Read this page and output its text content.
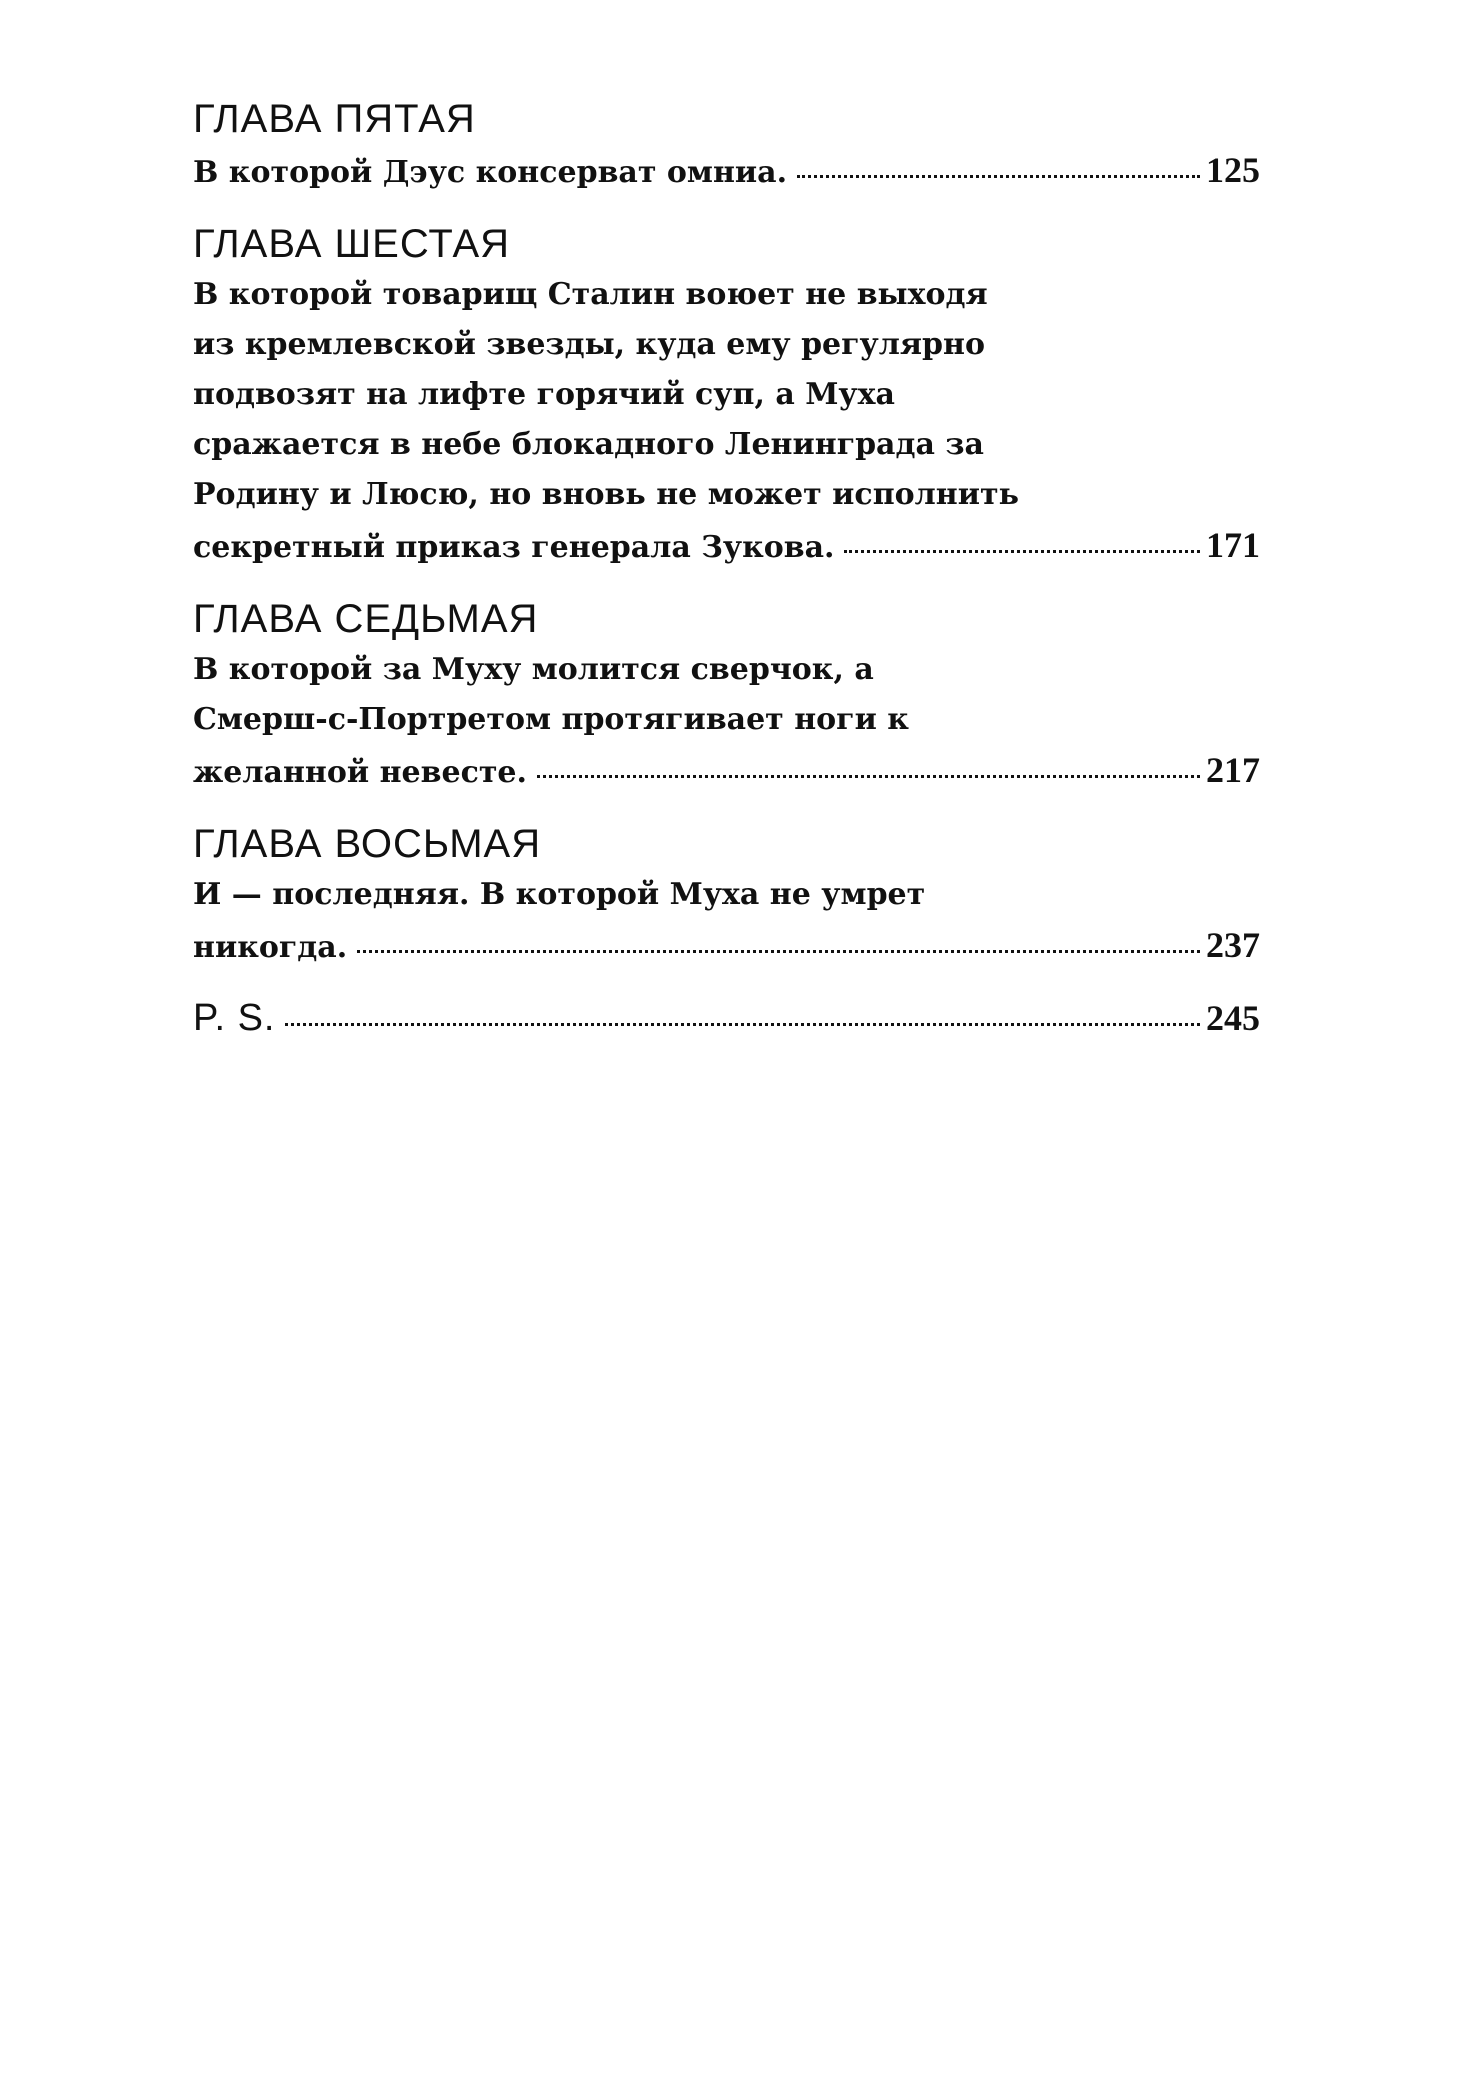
ГЛАВА ПЯТАЯ
В которой Дэус консерват омниа.	125
ГЛАВА ШЕСТАЯ
В которой товарищ Сталин воюет не выходя
из кремлевской звезды, куда ему регулярно
подвозят на лифте горячий суп, а Муха
сражается в небе блокадного Ленинграда за
Родину и Люсю, но вновь не может исполнить
секретный приказ генерала Зукова.	171
ГЛАВА СЕДЬМАЯ
В которой за Муху молится сверчок, а
Смерш-с-Портретом протягивает ноги к
желанной невесте.	217
ГЛАВА ВОСЬМАЯ
И — последняя. В которой Муха не умрет
никогда.	237
P. S.	245
